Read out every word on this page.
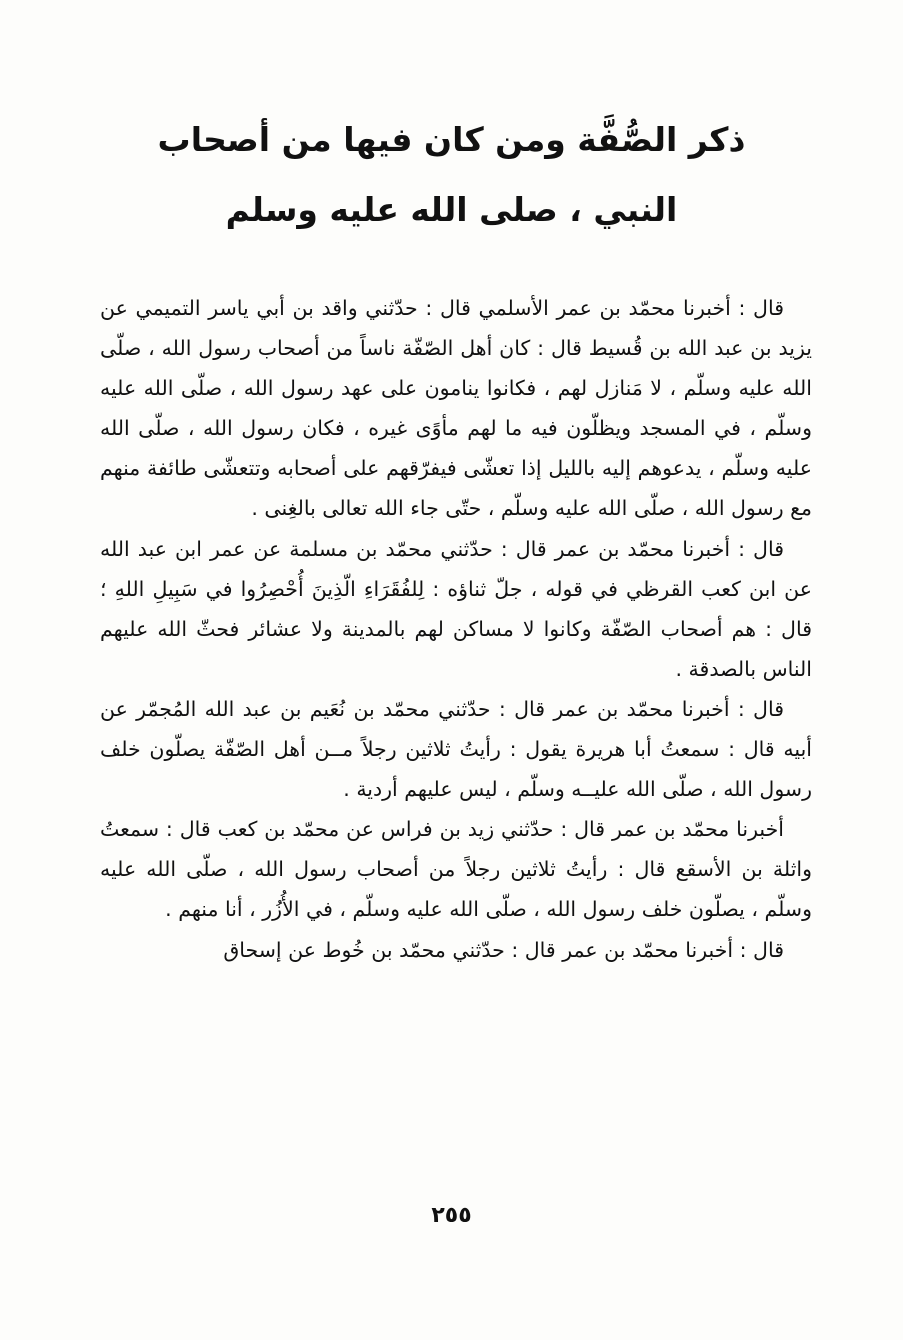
ذكر الصُّفَّة ومن كان فيها من أصحاب
النبي ، صلى الله عليه وسلم

قال : أخبرنا محمّد بن عمر الأسلمي قال : حدّثني واقد بن أبي ياسر التميمي عن يزيد بن عبد الله بن قُسيط قال : كان أهل الصّفّة ناساً من أصحاب رسول الله ، صلّى الله عليه وسلّم ، لا مَنازل لهم ، فكانوا ينامون على عهد رسول الله ، صلّى الله عليه وسلّم ، في المسجد ويظلّون فيه ما لهم مأوًى غيره ، فكان رسول الله ، صلّى الله عليه وسلّم ، يدعوهم إليه بالليل إذا تعشّى فيفرّقهم على أصحابه وتتعشّى طائفة منهم مع رسول الله ، صلّى الله عليه وسلّم ، حتّى جاء الله تعالى بالغِنى .

قال : أخبرنا محمّد بن عمر قال : حدّثني محمّد بن مسلمة عن عمر ابن عبد الله عن ابن كعب القرظي في قوله ، جلّ ثناؤه : لِلفُقَرَاءِ الّذِينَ أُحْصِرُوا في سَبِيلِ اللهِ ؛ قال : هم أصحاب الصّفّة وكانوا لا مساكن لهم بالمدينة ولا عشائر فحثّ الله عليهم الناس بالصدقة .

قال : أخبرنا محمّد بن عمر قال : حدّثني محمّد بن نُعَيم بن عبد الله المُجمّر عن أبيه قال : سمعتُ أبا هريرة يقول : رأيتُ ثلاثين رجلاً مــن أهل الصّفّة يصلّون خلف رسول الله ، صلّى الله عليــه وسلّم ، ليس عليهم أردية .

أخبرنا محمّد بن عمر قال : حدّثني زيد بن فراس عن محمّد بن كعب قال : سمعتُ واثلة بن الأسقع قال : رأيتُ ثلاثين رجلاً من أصحاب رسول الله ، صلّى الله عليه وسلّم ، يصلّون خلف رسول الله ، صلّى الله عليه وسلّم ، في الأُزُر ، أنا منهم .

قال : أخبرنا محمّد بن عمر قال : حدّثني محمّد بن خُوط عن إسحاق

٢٥٥
